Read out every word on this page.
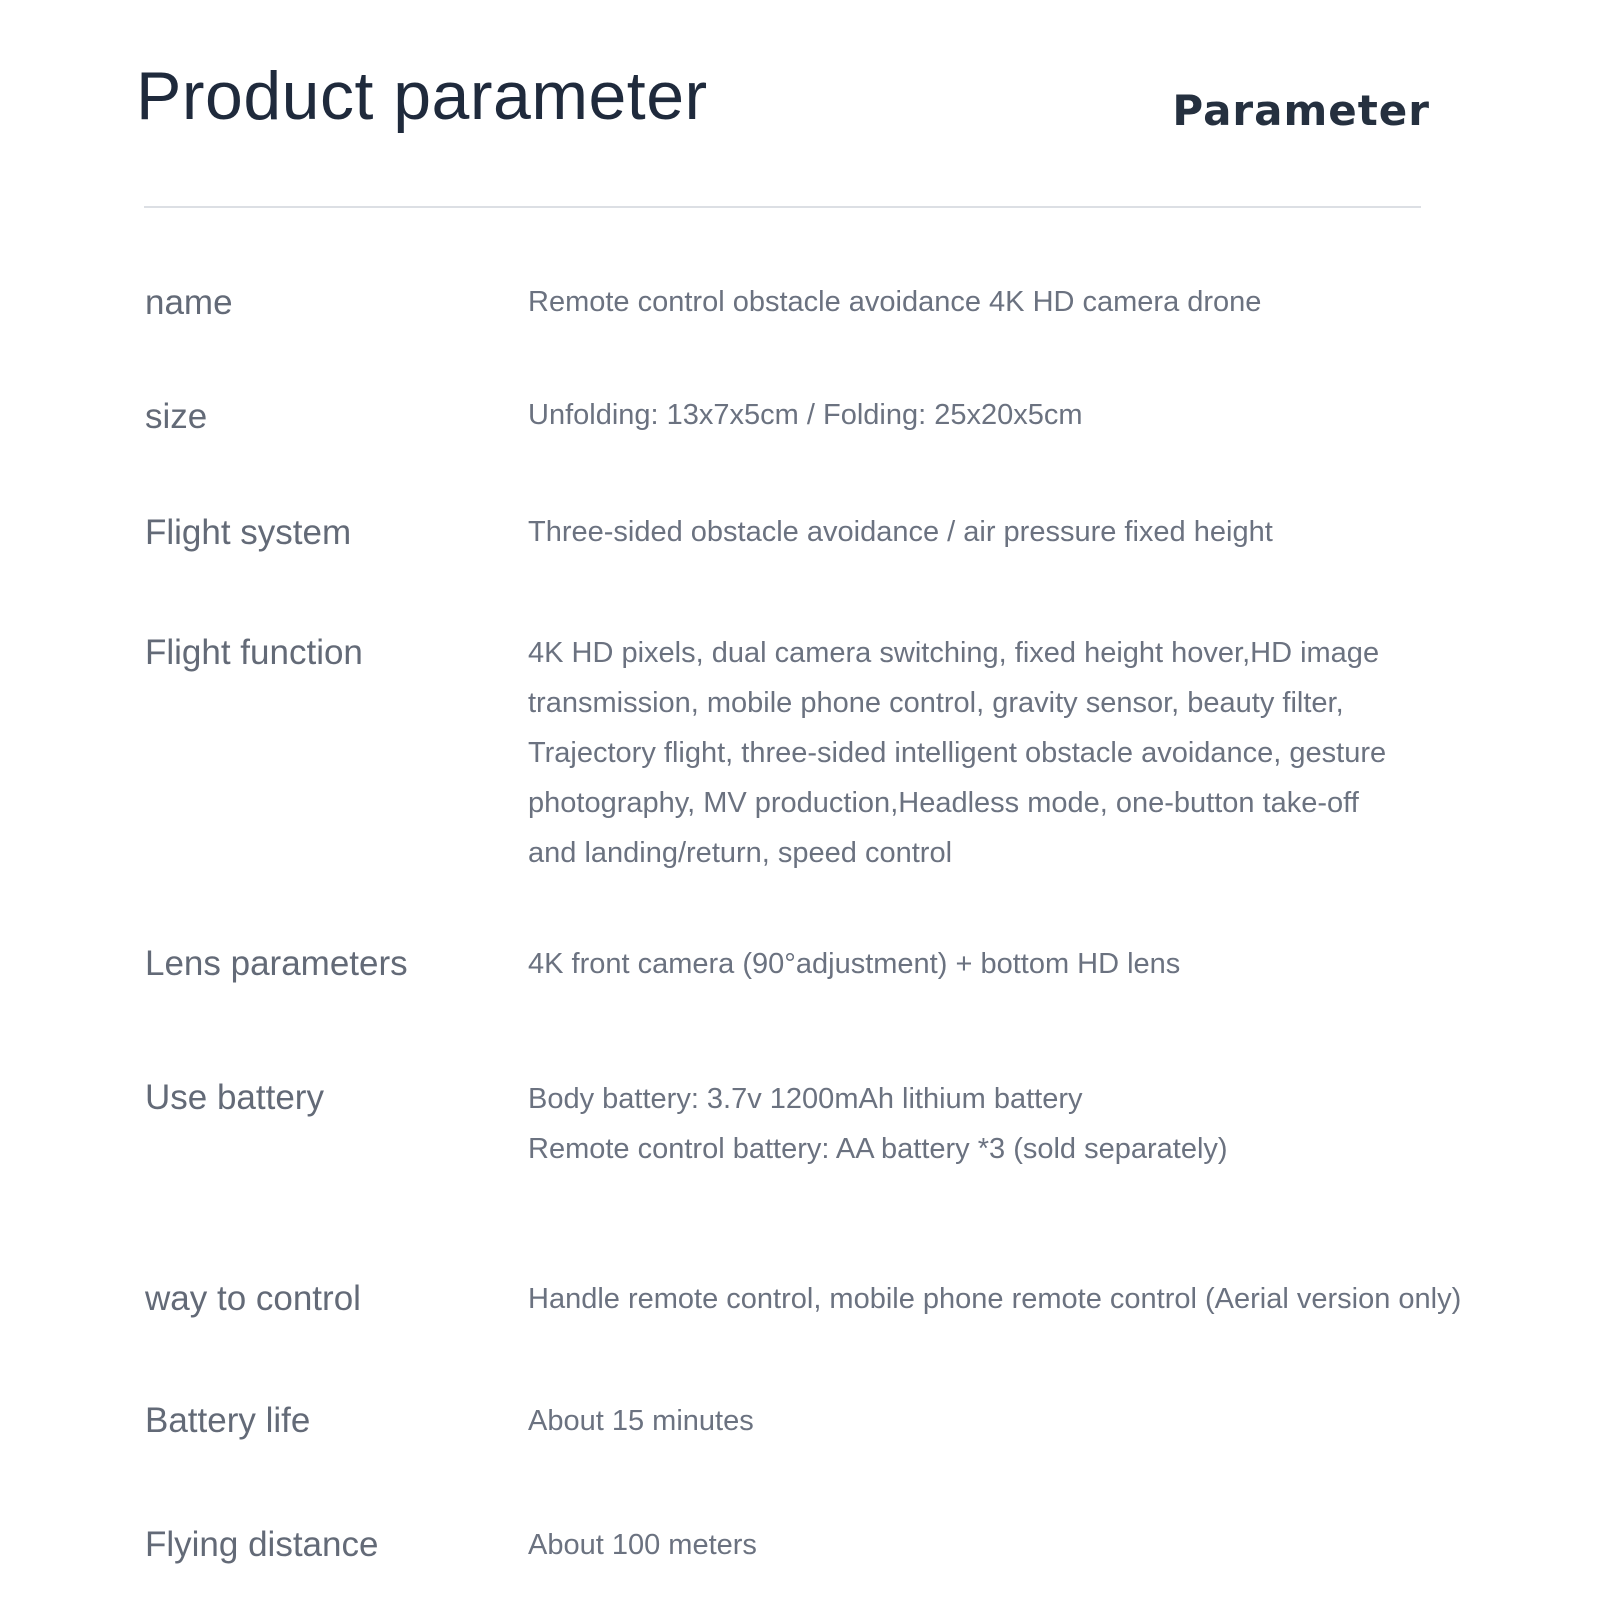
Product parameter	Parameter
name	Remote control obstacle avoidance 4K HD camera drone
size	Unfolding: 13x7x5cm / Folding: 25x20x5cm
Flight system	Three-sided obstacle avoidance / air pressure fixed height
Flight function	4K HD pixels, dual camera switching, fixed height hover,HD image
transmission, mobile phone control, gravity sensor, beauty filter,
Trajectory flight, three-sided intelligent obstacle avoidance, gesture
photography, MV production,Headless mode, one-button take-off
and landing/return, speed control
Lens parameters	4K front camera (90°adjustment) + bottom HD lens
Use battery	Body battery: 3.7v 1200mAh lithium battery
Remote control battery: AA battery *3 (sold separately)
way to control	Handle remote control, mobile phone remote control (Aerial version only)
Battery life	About 15 minutes
Flying distance	About 100 meters
